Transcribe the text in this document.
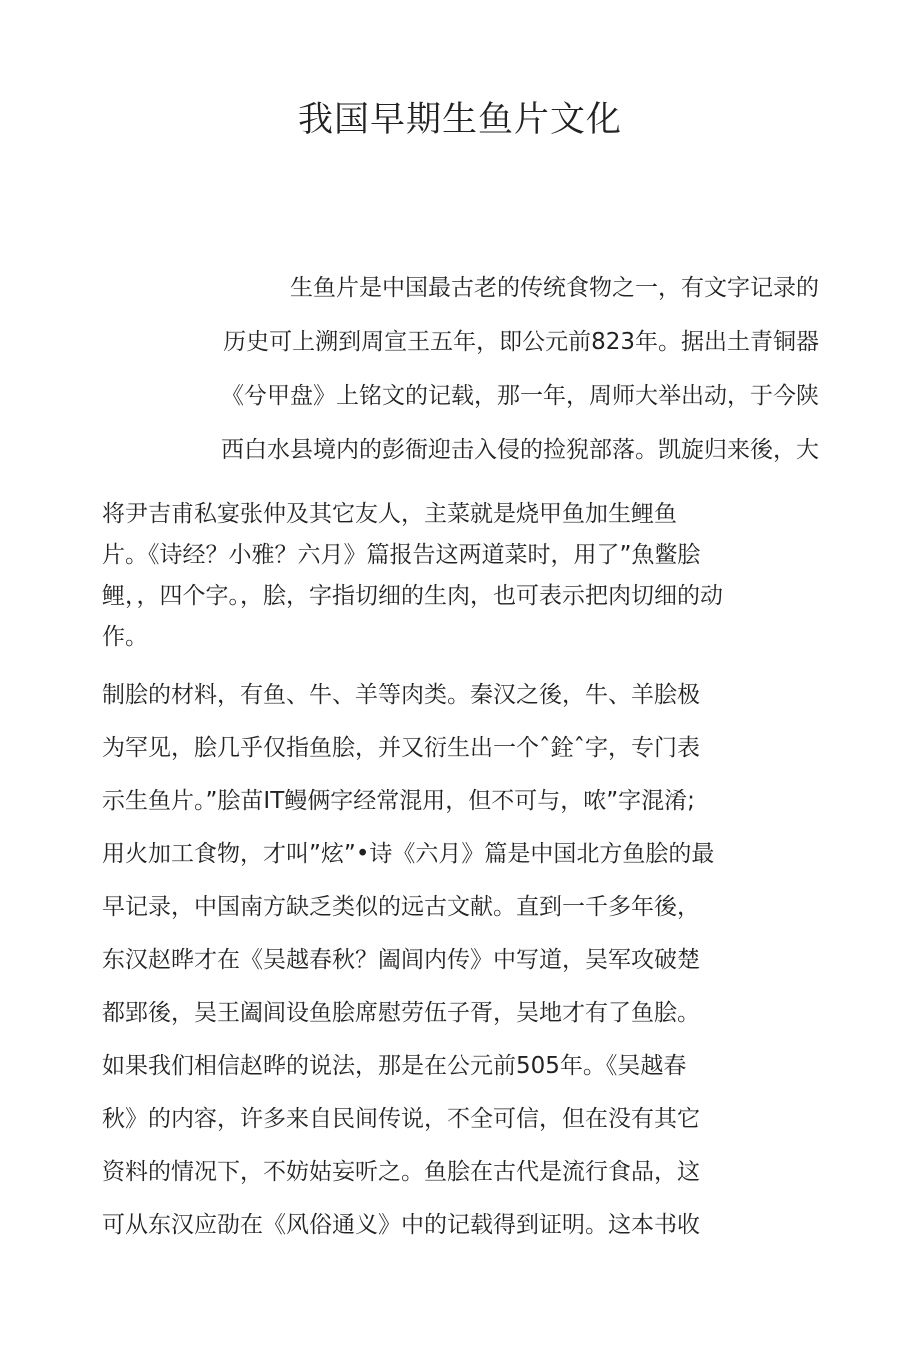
我国早期生鱼片文化
生鱼片是中国最古老的传统食物之一，有文字记录的
历史可上溯到周宣王五年，即公元前823年。据出土青铜器
《兮甲盘》上铭文的记载，那一年，周师大举出动，于今陕
西白水县境内的彭衙迎击入侵的捡猊部落。凯旋归来後，大
将尹吉甫私宴张仲及其它友人，主菜就是烧甲鱼加生鲤鱼
片。《诗经？小雅？六月》篇报告这两道菜时，用了”魚鳖脍
鲤，，四个字。，脍，字指切细的生肉，也可表示把肉切细的动
作。
制脍的材料，有鱼、牛、羊等肉类。秦汉之後，牛、羊脍极
为罕见，脍几乎仅指鱼脍，并又衍生出一个ˆ銓ˆ字，专门表
示生鱼片。”脍苗IT鳗俩字经常混用，但不可与，哝”字混淆;
用火加工食物，才叫”炫”•诗《六月》篇是中国北方鱼脍的最
早记录，中国南方缺乏类似的远古文献。直到一千多年後，
东汉赵晔才在《吴越春秋？阖闾内传》中写道，吴军攻破楚
都郢後，吴王阖闾设鱼脍席慰劳伍子胥，吴地才有了鱼脍。
如果我们相信赵晔的说法，那是在公元前505年。《吴越春
秋》的内容，许多来自民间传说，不全可信，但在没有其它
资料的情况下，不妨姑妄听之。鱼脍在古代是流行食品，这
可从东汉应劭在《风俗通义》中的记载得到证明。这本书收
